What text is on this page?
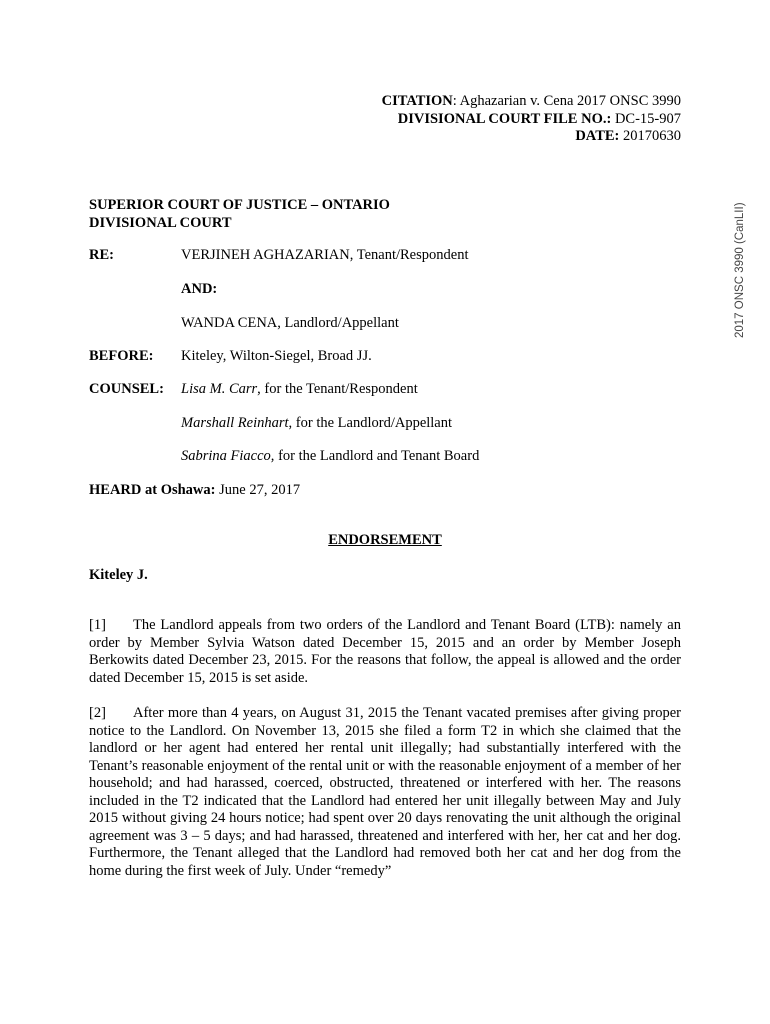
CITATION: Aghazarian v. Cena 2017 ONSC 3990
DIVISIONAL COURT FILE NO.: DC-15-907
DATE: 20170630
2017 ONSC 3990 (CanLII)
SUPERIOR COURT OF JUSTICE – ONTARIO
DIVISIONAL COURT
RE:	VERJINEH AGHAZARIAN, Tenant/Respondent
AND:
WANDA CENA, Landlord/Appellant
BEFORE: Kiteley, Wilton-Siegel, Broad JJ.
COUNSEL: Lisa M. Carr, for the Tenant/Respondent
Marshall Reinhart, for the Landlord/Appellant
Sabrina Fiacco, for the Landlord and Tenant Board
HEARD at Oshawa: June 27, 2017
ENDORSEMENT
Kiteley J.
[1] The Landlord appeals from two orders of the Landlord and Tenant Board (LTB): namely an order by Member Sylvia Watson dated December 15, 2015 and an order by Member Joseph Berkowits dated December 23, 2015. For the reasons that follow, the appeal is allowed and the order dated December 15, 2015 is set aside.
[2] After more than 4 years, on August 31, 2015 the Tenant vacated premises after giving proper notice to the Landlord. On November 13, 2015 she filed a form T2 in which she claimed that the landlord or her agent had entered her rental unit illegally; had substantially interfered with the Tenant’s reasonable enjoyment of the rental unit or with the reasonable enjoyment of a member of her household; and had harassed, coerced, obstructed, threatened or interfered with her. The reasons included in the T2 indicated that the Landlord had entered her unit illegally between May and July 2015 without giving 24 hours notice; had spent over 20 days renovating the unit although the original agreement was 3 – 5 days; and had harassed, threatened and interfered with her, her cat and her dog. Furthermore, the Tenant alleged that the Landlord had removed both her cat and her dog from the home during the first week of July. Under “remedy”
